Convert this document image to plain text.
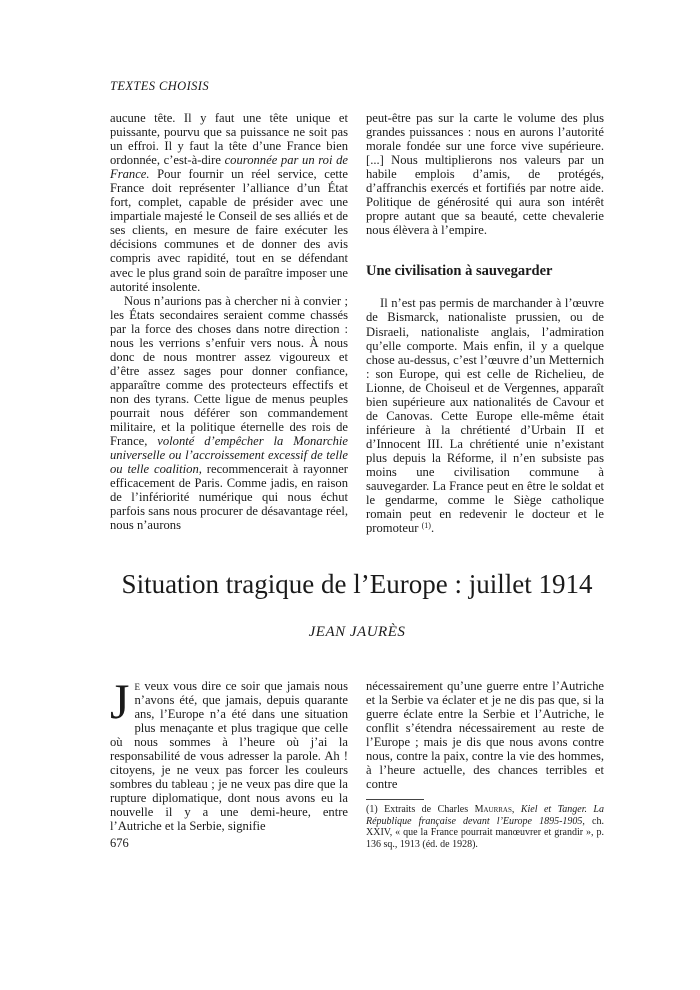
TEXTES CHOISIS

aucune tête. Il y faut une tête unique et puissante, pourvu que sa puissance ne soit pas un effroi. Il y faut la tête d’une France bien ordonnée, c’est-à-dire couronnée par un roi de France. Pour fournir un réel service, cette France doit représenter l’alliance d’un État fort, complet, capable de présider avec une impartiale majesté le Conseil de ses alliés et de ses clients, en mesure de faire exécuter les décisions communes et de donner des avis compris avec rapidité, tout en se défendant avec le plus grand soin de paraître imposer une autorité insolente.

Nous n’aurions pas à chercher ni à convier ; les États secondaires seraient comme chassés par la force des choses dans notre direction : nous les verrions s’enfuir vers nous. À nous donc de nous montrer assez vigoureux et d’être assez sages pour donner confiance, apparaître comme des protecteurs effectifs et non des tyrans. Cette ligue de menus peuples pourrait nous déférer son commandement militaire, et la politique éternelle des rois de France, volonté d’empêcher la Monarchie universelle ou l’accroissement excessif de telle ou telle coalition, recommencerait à rayonner efficacement de Paris. Comme jadis, en raison de l’infériorité numérique qui nous échut parfois sans nous procurer de désavantage réel, nous n’aurons

peut-être pas sur la carte le volume des plus grandes puissances : nous en aurons l’autorité morale fondée sur une force vive supérieure. [...] Nous multiplierons nos valeurs par un habile emplois d’amis, de protégés, d’affranchis exercés et fortifiés par notre aide. Politique de générosité qui aura son intérêt propre autant que sa beauté, cette chevalerie nous élèvera à l’empire.

Une civilisation à sauvegarder

Il n’est pas permis de marchander à l’œuvre de Bismarck, nationaliste prussien, ou de Disraeli, nationaliste anglais, l’admiration qu’elle comporte. Mais enfin, il y a quelque chose au-dessus, c’est l’œuvre d’un Metternich : son Europe, qui est celle de Richelieu, de Lionne, de Choiseul et de Vergennes, apparaît bien supérieure aux nationalités de Cavour et de Canovas. Cette Europe elle-même était inférieure à la chrétienté d’Urbain II et d’Innocent III. La chrétienté unie n’existant plus depuis la Réforme, il n’en subsiste pas moins une civilisation commune à sauvegarder. La France peut en être le soldat et le gendarme, comme le Siège catholique romain peut en redevenir le docteur et le promoteur $^{(1)}$.

Situation tragique de l’Europe : juillet 1914
JEAN JAURÈS

Je veux vous dire ce soir que jamais nous n’avons été, que jamais, depuis quarante ans, l’Europe n’a été dans une situation plus menaçante et plus tragique que celle où nous sommes à l’heure où j’ai la responsabilité de vous adresser la parole. Ah ! citoyens, je ne veux pas forcer les couleurs sombres du tableau ; je ne veux pas dire que la rupture diplomatique, dont nous avons eu la nouvelle il y a une demi-heure, entre l’Autriche et la Serbie, signifie

nécessairement qu’une guerre entre l’Autriche et la Serbie va éclater et je ne dis pas que, si la guerre éclate entre la Serbie et l’Autriche, le conflit s’étendra nécessairement au reste de l’Europe ; mais je dis que nous avons contre nous, contre la paix, contre la vie des hommes, à l’heure actuelle, des chances terribles et contre

(1) Extraits de Charles Maurras, Kiel et Tanger. La République française devant l’Europe 1895-1905, ch. XXIV, « que la France pourrait manœuvrer et grandir », p. 136 sq., 1913 (éd. de 1928).
676
